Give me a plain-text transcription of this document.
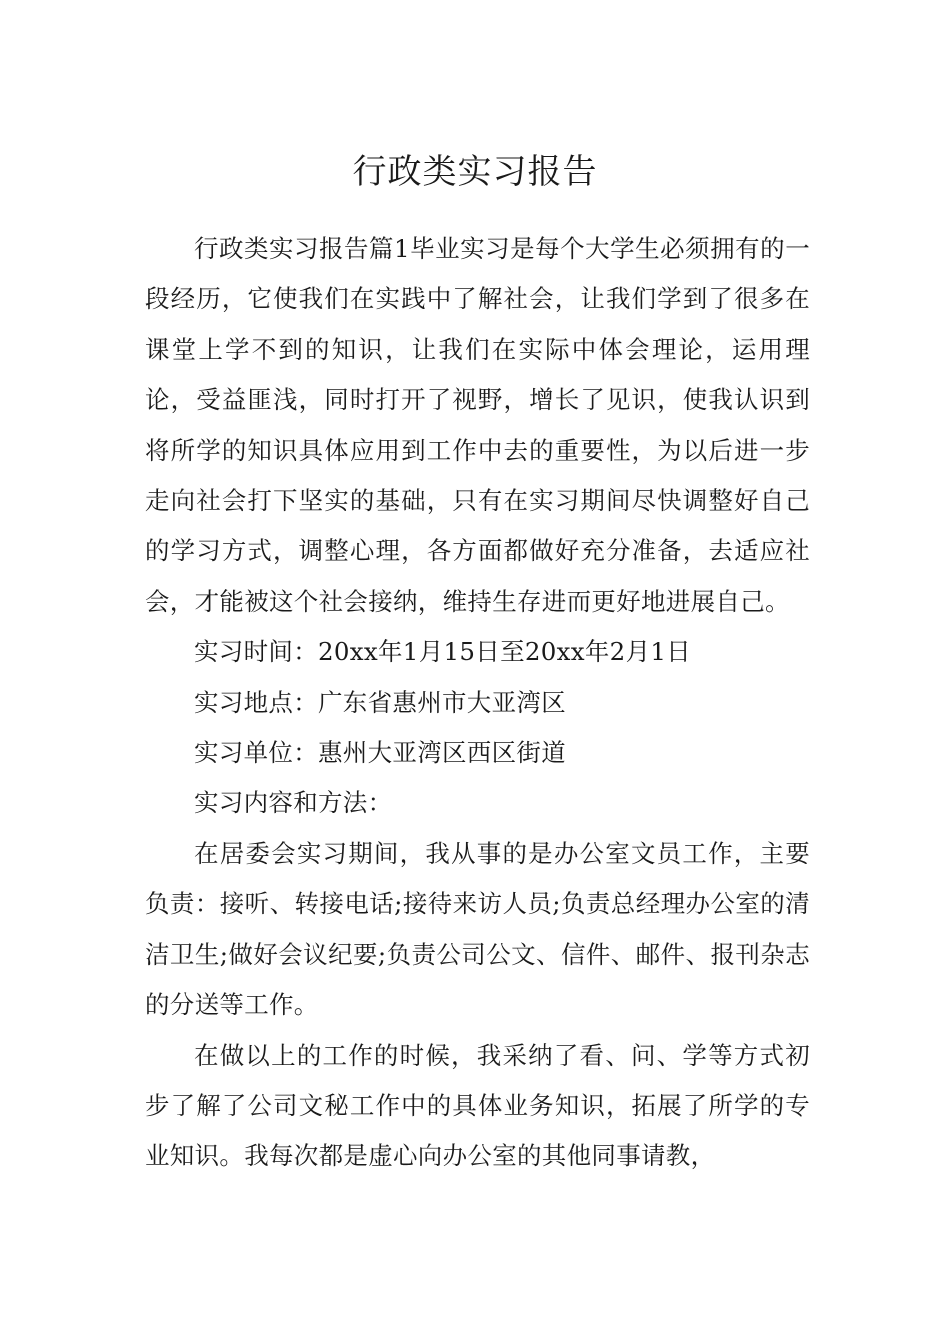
行政类实习报告

行政类实习报告篇1毕业实习是每个大学生必须拥有的一段经历，它使我们在实践中了解社会，让我们学到了很多在课堂上学不到的知识，让我们在实际中体会理论，运用理论，受益匪浅，同时打开了视野，增长了见识，使我认识到将所学的知识具体应用到工作中去的重要性，为以后进一步走向社会打下坚实的基础，只有在实习期间尽快调整好自己的学习方式，调整心理，各方面都做好充分准备，去适应社会，才能被这个社会接纳，维持生存进而更好地进展自己。

实习时间：20xx年1月15日至20xx年2月1日

实习地点：广东省惠州市大亚湾区

实习单位：惠州大亚湾区西区街道

实习内容和方法：

在居委会实习期间，我从事的是办公室文员工作，主要负责：接听、转接电话;接待来访人员;负责总经理办公室的清洁卫生;做好会议纪要;负责公司公文、信件、邮件、报刊杂志的分送等工作。

在做以上的工作的时候，我采纳了看、问、学等方式初步了解了公司文秘工作中的具体业务知识，拓展了所学的专业知识。我每次都是虚心向办公室的其他同事请教，
